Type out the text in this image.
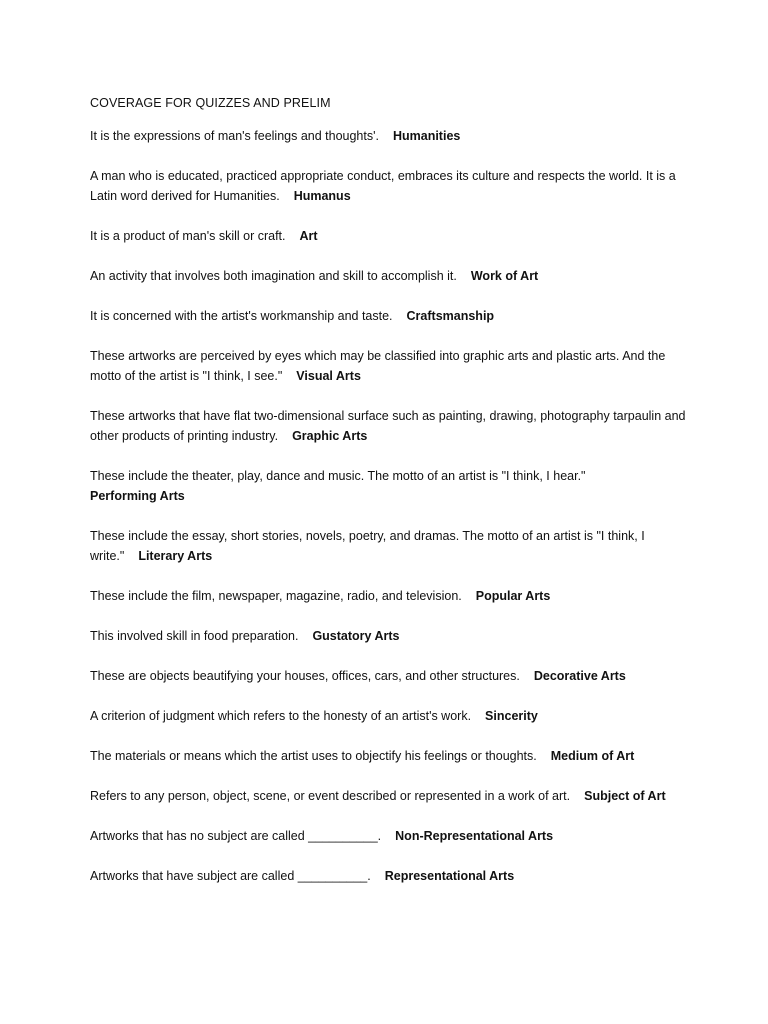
COVERAGE FOR QUIZZES AND PRELIM
It is the expressions of man's feelings and thoughts'. Humanities
A man who is educated, practiced appropriate conduct, embraces its culture and respects the world. It is a Latin word derived for Humanities. Humanus
It is a product of man's skill or craft. Art
An activity that involves both imagination and skill to accomplish it. Work of Art
It is concerned with the artist's workmanship and taste. Craftsmanship
These artworks are perceived by eyes which may be classified into graphic arts and plastic arts. And the motto of the artist is "I think, I see." Visual Arts
These artworks that have flat two-dimensional surface such as painting, drawing, photography tarpaulin and other products of printing industry. Graphic Arts
These include the theater, play, dance and music. The motto of an artist is "I think, I hear."
Performing Arts
These include the essay, short stories, novels, poetry, and dramas. The motto of an artist is "I think, I write." Literary Arts
These include the film, newspaper, magazine, radio, and television. Popular Arts
This involved skill in food preparation. Gustatory Arts
These are objects beautifying your houses, offices, cars, and other structures. Decorative Arts
A criterion of judgment which refers to the honesty of an artist's work. Sincerity
The materials or means which the artist uses to objectify his feelings or thoughts. Medium of Art
Refers to any person, object, scene, or event described or represented in a work of art. Subject of Art
Artworks that has no subject are called __________. Non-Representational Arts
Artworks that have subject are called __________. Representational Arts
